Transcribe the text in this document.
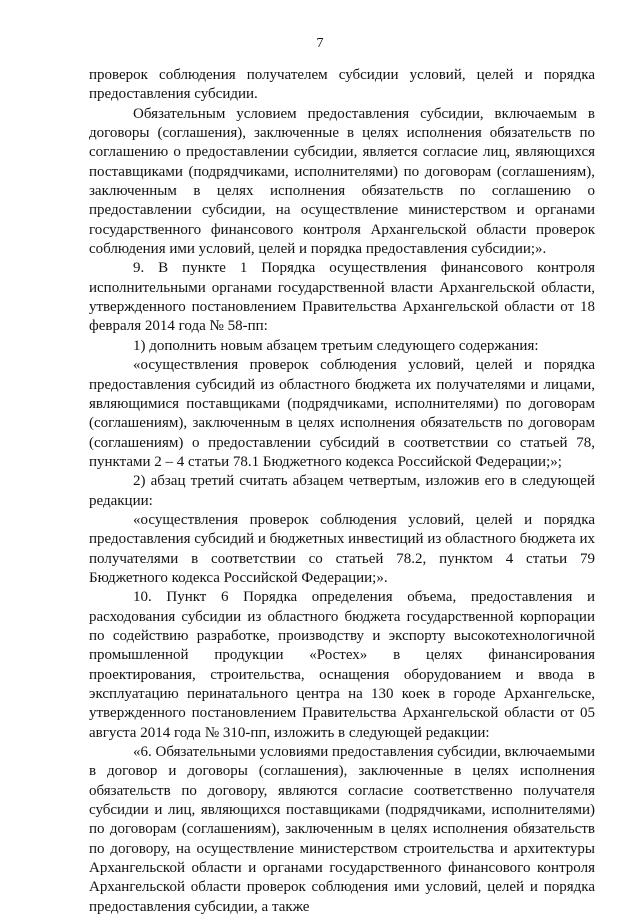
7

проверок соблюдения получателем субсидии условий, целей и порядка предоставления субсидии.

Обязательным условием предоставления субсидии, включаемым в договоры (соглашения), заключенные в целях исполнения обязательств по соглашению о предоставлении субсидии, является согласие лиц, являющихся поставщиками (подрядчиками, исполнителями) по договорам (соглашениям), заключенным в целях исполнения обязательств по соглашению о предоставлении субсидии, на осуществление министерством и органами государственного финансового контроля Архангельской области проверок соблюдения ими условий, целей и порядка предоставления субсидии;».

9. В пункте 1 Порядка осуществления финансового контроля исполнительными органами государственной власти Архангельской области, утвержденного постановлением Правительства Архангельской области от 18 февраля 2014 года № 58-пп:

1) дополнить новым абзацем третьим следующего содержания:

«осуществления проверок соблюдения условий, целей и порядка предоставления субсидий из областного бюджета их получателями и лицами, являющимися поставщиками (подрядчиками, исполнителями) по договорам (соглашениям), заключенным в целях исполнения обязательств по договорам (соглашениям) о предоставлении субсидий в соответствии со статьей 78, пунктами 2 – 4 статьи 78.1 Бюджетного кодекса Российской Федерации;»;

2) абзац третий считать абзацем четвертым, изложив его в следующей редакции:

«осуществления проверок соблюдения условий, целей и порядка предоставления субсидий и бюджетных инвестиций из областного бюджета их получателями в соответствии со статьей 78.2, пунктом 4 статьи 79 Бюджетного кодекса Российской Федерации;».

10. Пункт 6 Порядка определения объема, предоставления и расходования субсидии из областного бюджета государственной корпорации по содействию разработке, производству и экспорту высокотехнологичной промышленной продукции «Ростех» в целях финансирования проектирования, строительства, оснащения оборудованием и ввода в эксплуатацию перинатального центра на 130 коек в городе Архангельске, утвержденного постановлением Правительства Архангельской области от 05 августа 2014 года № 310-пп, изложить в следующей редакции:

«6. Обязательными условиями предоставления субсидии, включаемыми в договор и договоры (соглашения), заключенные в целях исполнения обязательств по договору, являются согласие соответственно получателя субсидии и лиц, являющихся поставщиками (подрядчиками, исполнителями) по договорам (соглашениям), заключенным в целях исполнения обязательств по договору, на осуществление министерством строительства и архитектуры Архангельской области и органами государственного финансового контроля Архангельской области проверок соблюдения ими условий, целей и порядка предоставления субсидии, а также
